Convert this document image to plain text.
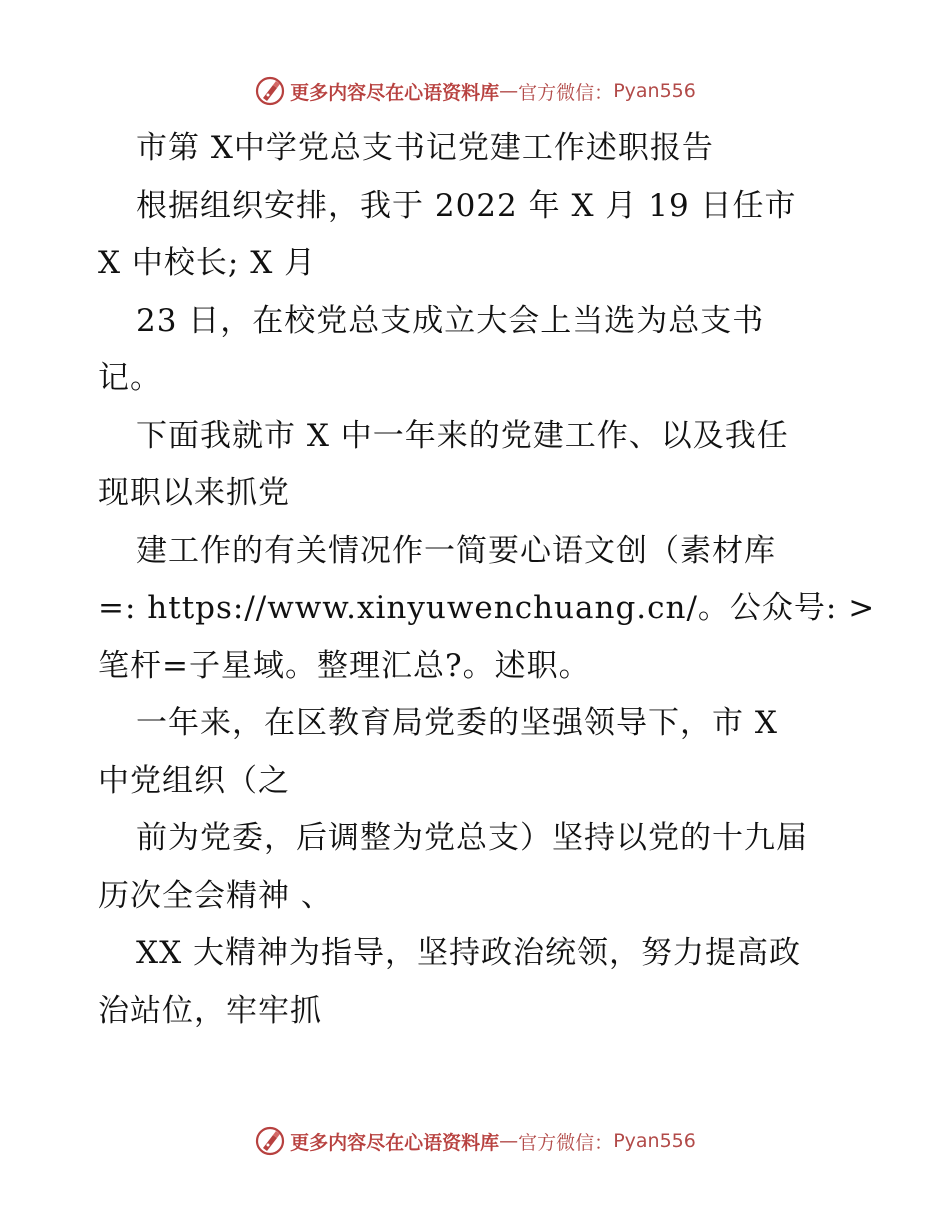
更多内容尽在心语资料库 — 官方微信： Pyan556
市第 X中学党总支书记党建工作述职报告
根据组织安排，我于 2022 年 X 月 19 日任市
X 中校长; X 月
23 日，在校党总支成立大会上当选为总支书
记。
下面我就市 X 中一年来的党建工作、以及我任
现职以来抓党
建工作的有关情况作一简要心语文创（素材库
=: https://www.xinyuwenchuang.cn/。公众号: >
笔杆=子星域。整理汇总?。述职。
一年来，在区教育局党委的坚强领导下，市 X
中党组织（之
前为党委，后调整为党总支）坚持以党的十九届
历次全会精神 、
XX 大精神为指导，坚持政治统领，努力提高政
治站位，牢牢抓
更多内容尽在心语资料库 — 官方微信： Pyan556
